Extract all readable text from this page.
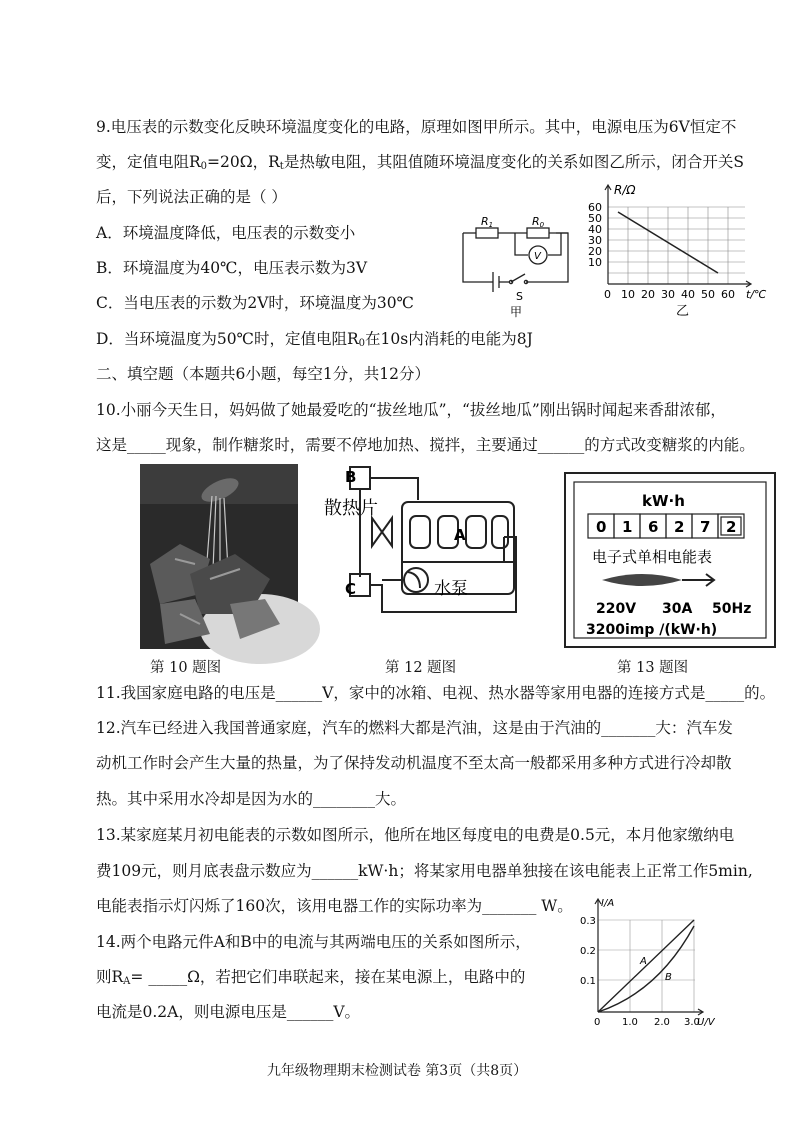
9.电压表的示数变化反映环境温度变化的电路，原理如图甲所示。其中，电源电压为6V恒定不
变，定值电阻$R_0=20\Omega$，$R_t$是热敏电阻，其阻值随环境温度变化的关系如图乙所示，闭合开关S
后，下列说法正确的是（ ）
A．环境温度降低，电压表的示数变小
B．环境温度为40℃，电压表示数为3V
C．当电压表的示数为2V时，环境温度为30℃
D．当环境温度为50℃时，定值电阻$R_0$在10s内消耗的电能为8J
R1	R0
V
S
甲
R/Ω
60
50
40
30
20
10
0 10 20 30 40 50 60 t/℃
乙
二、填空题（本题共6小题，每空1分，共12分）
10.小丽今天生日，妈妈做了她最爱吃的“拔丝地瓜”，“拔丝地瓜”刚出锅时闻起来香甜浓郁，
这是_____现象，制作糖浆时，需要不停地加热、搅拌，主要通过______的方式改变糖浆的内能。
B
A
C
散热片
水泵
kW·h
0 1 6 2 7 2
电子式单相电能表
220V 30A 50Hz
3200imp /(kW·h)
第 10 题图	第 12 题图	第 13 题图
11.我国家庭电路的电压是______V，家中的冰箱、电视、热水器等家用电器的连接方式是_____的。
12.汽车已经进入我国普通家庭，汽车的燃料大都是汽油，这是由于汽油的_______大：汽车发
动机工作时会产生大量的热量，为了保持发动机温度不至太高一般都采用多种方式进行冷却散
热。其中采用水冷却是因为水的________大。
13.某家庭某月初电能表的示数如图所示，他所在地区每度电的电费是0.5元，本月他家缴纳电
费109元，则月底表盘示数应为______kW·h；将某家用电器单独接在该电能表上正常工作5min,
电能表指示灯闪烁了160次，该用电器工作的实际功率为_______ W。
14.两个电路元件A和B中的电流与其两端电压的关系如图所示，
则$R_A=$ _____Ω，若把它们串联起来，接在某电源上，电路中的
电流是0.2A，则电源电压是______V。
I/A
0.3
0.2
0.1
0 1.0 2.0 3.0
U/V
A
B
九年级物理期末检测试卷 第3页（共8页）
